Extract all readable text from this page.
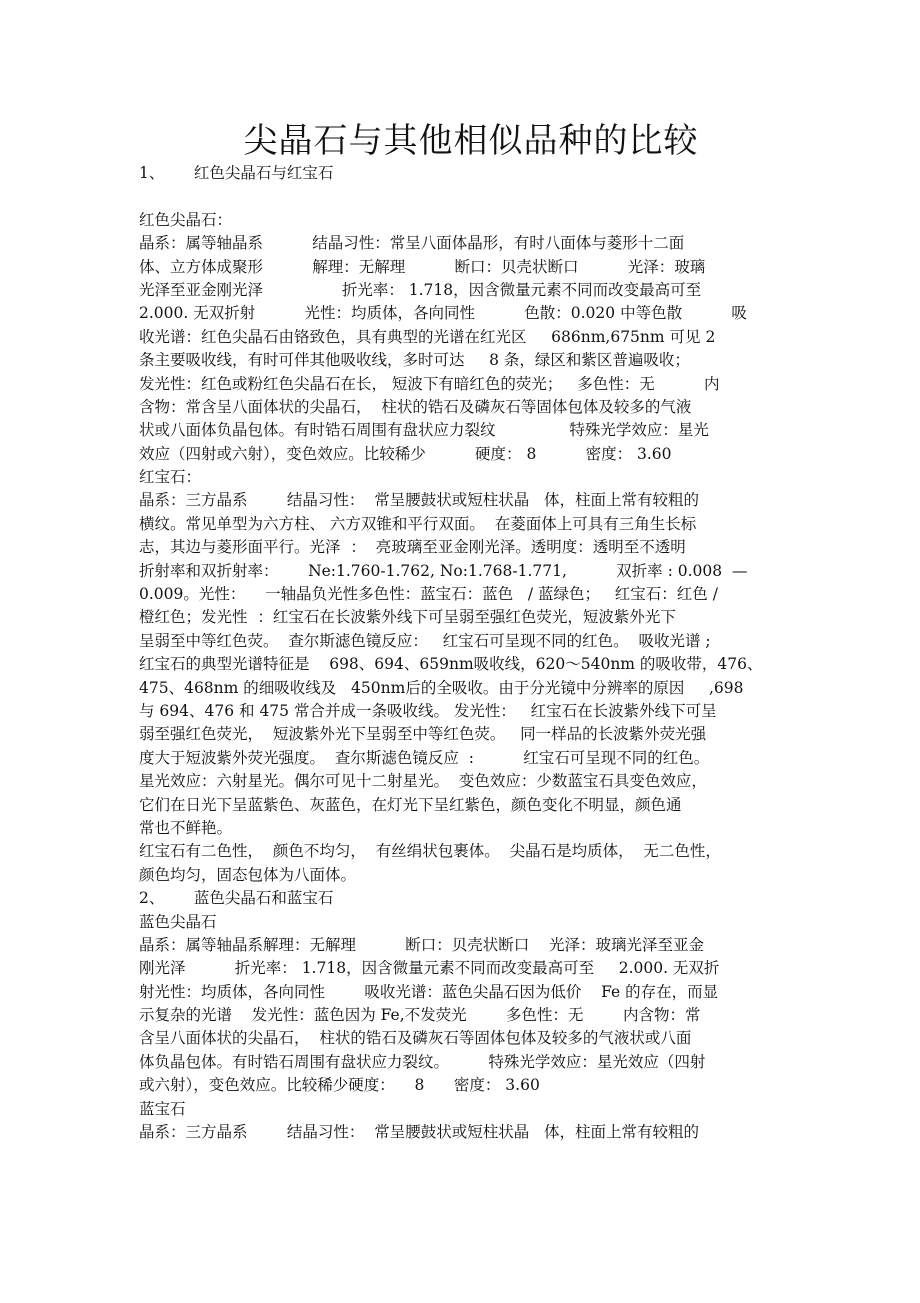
尖晶石与其他相似品种的比较
1、      红色尖晶石与红宝石
红色尖晶石：
晶系：属等轴晶系          结晶习性：常呈八面体晶形，有时八面体与菱形十二面
体、立方体成聚形          解理：无解理          断口：贝壳状断口          光泽：玻璃
光泽至亚金刚光泽                折光率： 1.718，因含微量元素不同而改变最高可至
2.000. 无双折射          光性：均质体，各向同性          色散：0.020 中等色散          吸
收光谱：红色尖晶石由铬致色，具有典型的光谱在红光区     686nm,675nm 可见 2
条主要吸收线，有时可伴其他吸收线，多时可达     8 条，绿区和紫区普遍吸收；
发光性：红色或粉红色尖晶石在长， 短波下有暗红色的荧光；   多色性：无          内
含物：常含呈八面体状的尖晶石，  柱状的锆石及磷灰石等固体包体及较多的气液
状或八面体负晶包体。有时锆石周围有盘状应力裂纹               特殊光学效应：星光
效应（四射或六射），变色效应。比较稀少          硬度： 8          密度： 3.60
红宝石：
晶系：三方晶系        结晶习性：  常呈腰鼓状或短柱状晶   体，柱面上常有较粗的
横纹。常见单型为六方柱、 六方双锥和平行双面。  在菱面体上可具有三角生长标
志，其边与菱形面平行。光泽  ：  亮玻璃至亚金刚光泽。透明度：透明至不透明
折射率和双折射率：      Ne:1.760-1.762, No:1.768-1.771,          双折率 : 0.008  —
0.009。光性：    一轴晶负光性多色性：蓝宝石：蓝色   / 蓝绿色；   红宝石：红色 /
橙红色；发光性  ：红宝石在长波紫外线下可呈弱至强红色荧光，短波紫外光下
呈弱至中等红色荧。  查尔斯滤色镜反应：   红宝石可呈现不同的红色。  吸收光谱 ;
红宝石的典型光谱特征是    698、694、659nm吸收线，620～540nm 的吸收带，476、
475、468nm 的细吸收线及   450nm后的全吸收。由于分光镜中分辨率的原因     ,698
与 694、476 和 475 常合并成一条吸收线。 发光性：   红宝石在长波紫外线下可呈
弱至强红色荧光，  短波紫外光下呈弱至中等红色荧。   同一样品的长波紫外荧光强
度大于短波紫外荧光强度。  查尔斯滤色镜反应  :          红宝石可呈现不同的红色。
星光效应：六射星光。偶尔可见十二射星光。  变色效应：少数蓝宝石具变色效应，
它们在日光下呈蓝紫色、灰蓝色，在灯光下呈红紫色，颜色变化不明显，颜色通
常也不鲜艳。
红宝石有二色性，  颜色不均匀，  有丝绢状包裹体。  尖晶石是均质体，  无二色性，
颜色均匀，固态包体为八面体。
2、      蓝色尖晶石和蓝宝石
蓝色尖晶石
晶系：属等轴晶系解理：无解理          断口：贝壳状断口    光泽：玻璃光泽至亚金
刚光泽          折光率： 1.718，因含微量元素不同而改变最高可至     2.000. 无双折
射光性：均质体，各向同性        吸收光谱：蓝色尖晶石因为低价    Fe 的存在，而显
示复杂的光谱    发光性：蓝色因为 Fe,不发荧光        多色性：无        内含物：常
含呈八面体状的尖晶石，  柱状的锆石及磷灰石等固体包体及较多的气液状或八面
体负晶包体。有时锆石周围有盘状应力裂纹。        特殊光学效应：星光效应（四射
或六射），变色效应。比较稀少硬度：    8      密度： 3.60
蓝宝石
晶系：三方晶系        结晶习性：  常呈腰鼓状或短柱状晶   体，柱面上常有较粗的
